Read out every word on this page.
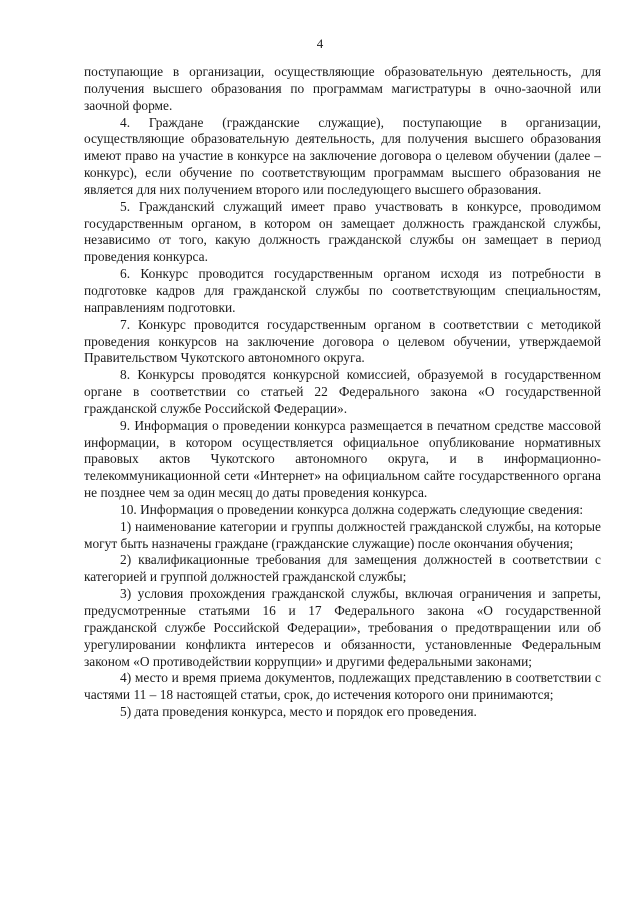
4

поступающие в организации, осуществляющие образовательную деятельность, для получения высшего образования по программам магистратуры в очно-заочной или заочной форме.

4. Граждане (гражданские служащие), поступающие в организации, осуществляющие образовательную деятельность, для получения высшего образования имеют право на участие в конкурсе на заключение договора о целевом обучении (далее – конкурс), если обучение по соответствующим программам высшего образования не является для них получением второго или последующего высшего образования.

5. Гражданский служащий имеет право участвовать в конкурсе, проводимом государственным органом, в котором он замещает должность гражданской службы, независимо от того, какую должность гражданской службы он замещает в период проведения конкурса.

6. Конкурс проводится государственным органом исходя из потребности в подготовке кадров для гражданской службы по соответствующим специальностям, направлениям подготовки.

7. Конкурс проводится государственным органом в соответствии с методикой проведения конкурсов на заключение договора о целевом обучении, утверждаемой Правительством Чукотского автономного округа.

8. Конкурсы проводятся конкурсной комиссией, образуемой в государственном органе в соответствии со статьей 22 Федерального закона «О государственной гражданской службе Российской Федерации».

9. Информация о проведении конкурса размещается в печатном средстве массовой информации, в котором осуществляется официальное опубликование нормативных правовых актов Чукотского автономного округа, и в информационно-телекоммуникационной сети «Интернет» на официальном сайте государственного органа не позднее чем за один месяц до даты проведения конкурса.

10. Информация о проведении конкурса должна содержать следующие сведения:

1) наименование категории и группы должностей гражданской службы, на которые могут быть назначены граждане (гражданские служащие) после окончания обучения;

2) квалификационные требования для замещения должностей в соответствии с категорией и группой должностей гражданской службы;

3) условия прохождения гражданской службы, включая ограничения и запреты, предусмотренные статьями 16 и 17 Федерального закона «О государственной гражданской службе Российской Федерации», требования о предотвращении или об урегулировании конфликта интересов и обязанности, установленные Федеральным законом «О противодействии коррупции» и другими федеральными законами;

4) место и время приема документов, подлежащих представлению в соответствии с частями 11 – 18 настоящей статьи, срок, до истечения которого они принимаются;

5) дата проведения конкурса, место и порядок его проведения.
